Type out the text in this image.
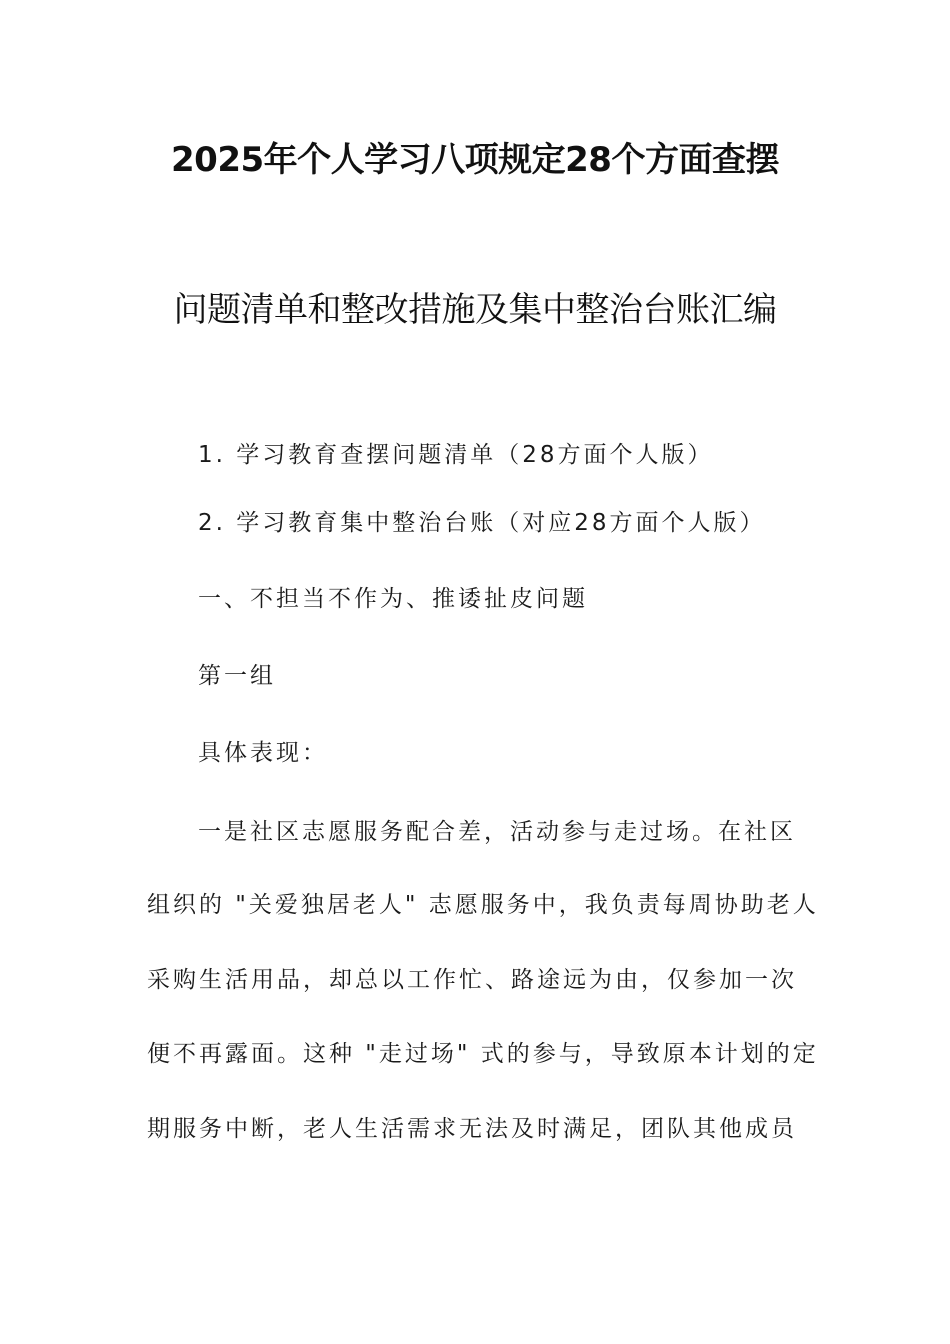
2025年个人学习八项规定28个方面查摆
问题清单和整改措施及集中整治台账汇编
1. 学习教育查摆问题清单（28方面个人版）
2. 学习教育集中整治台账（对应28方面个人版）
一、不担当不作为、推诿扯皮问题
第一组
具体表现：
一是社区志愿服务配合差，活动参与走过场。在社区
组织的 "关爱独居老人" 志愿服务中，我负责每周协助老人
采购生活用品，却总以工作忙、路途远为由，仅参加一次
便不再露面。这种 "走过场" 式的参与，导致原本计划的定
期服务中断，老人生活需求无法及时满足，团队其他成员
